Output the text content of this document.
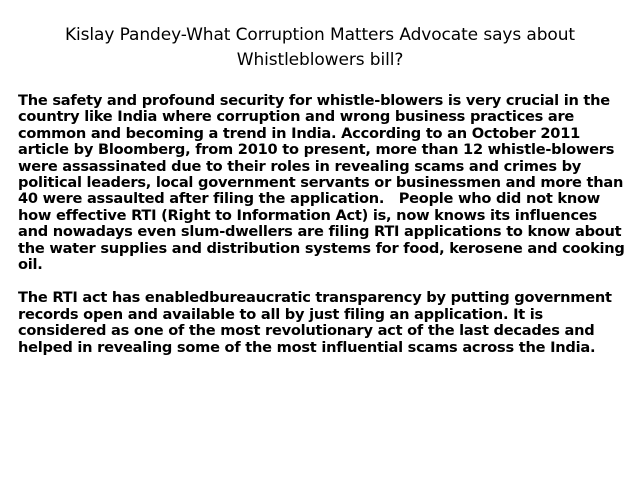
Kislay Pandey-What Corruption Matters Advocate says about Whistleblowers bill?

The safety and profound security for whistle-blowers is very crucial in the country like India where corruption and wrong business practices are common and becoming a trend in India. According to an October 2011 article by Bloomberg, from 2010 to present, more than 12 whistle-blowers were assassinated due to their roles in revealing scams and crimes by political leaders, local government servants or businessmen and more than 40 were assaulted after filing the application.   People who did not know how effective RTI (Right to Information Act) is, now knows its influences and nowadays even slum-dwellers are filing RTI applications to know about the water supplies and distribution systems for food, kerosene and cooking oil.

The RTI act has enabledbureaucratic transparency by putting government records open and available to all by just filing an application. It is considered as one of the most revolutionary act of the last decades and helped in revealing some of the most influential scams across the India.
